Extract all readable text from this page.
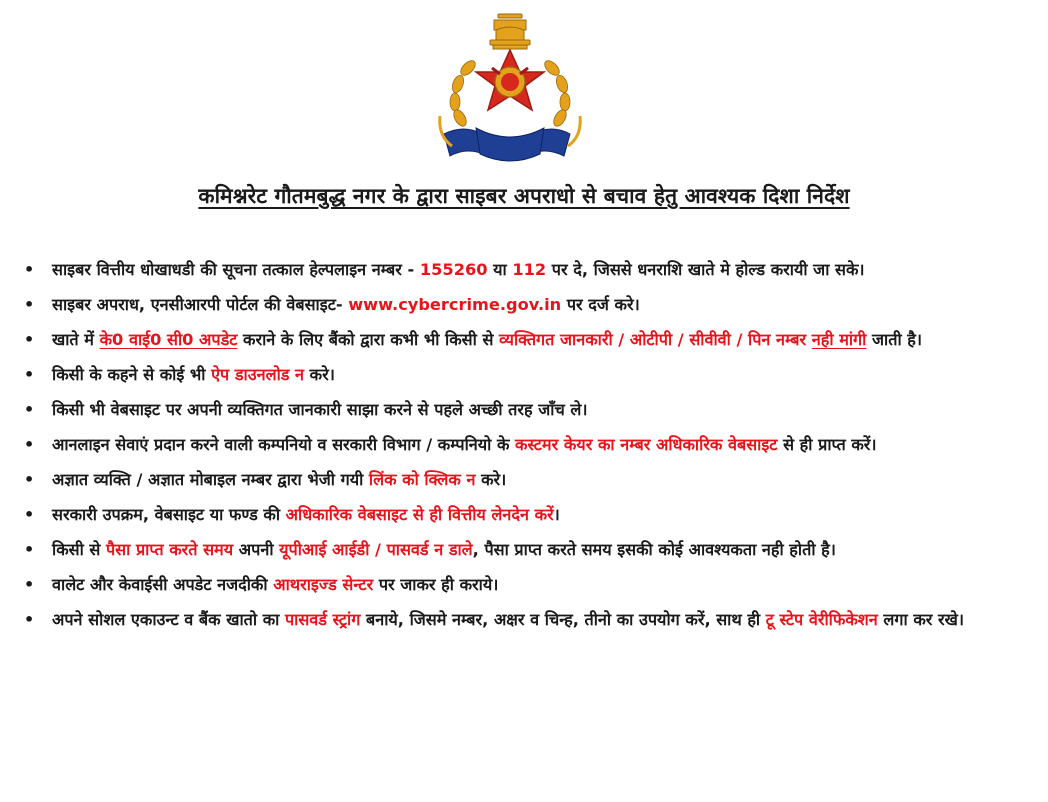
कमिश्नरेट गौतमबुद्ध नगर के द्वारा साइबर अपराधो से बचाव हेतु आवश्यक दिशा निर्देश
• साइबर वित्तीय धोखाधडी की सूचना तत्काल हेल्पलाइन नम्बर - 155260 या 112 पर दे, जिससे धनराशि खाते मे होल्ड करायी जा सके।
• साइबर अपराध, एनसीआरपी पोर्टल की वेबसाइट- www.cybercrime.gov.in पर दर्ज करे।
• खाते में के0 वाई0 सी0 अपडेट कराने के लिए बैंको द्वारा कभी भी किसी से व्यक्तिगत जानकारी / ओटीपी / सीवीवी / पिन नम्बर नही मांगी जाती है।
• किसी के कहने से कोई भी ऐप डाउनलोड न करे।
• किसी भी वेबसाइट पर अपनी व्यक्तिगत जानकारी साझा करने से पहले अच्छी तरह जाँच ले।
• आनलाइन सेवाएं प्रदान करने वाली कम्पनियो व सरकारी विभाग / कम्पनियो के कस्टमर केयर का नम्बर अधिकारिक वेबसाइट से ही प्राप्त करें।
• अज्ञात व्यक्ति / अज्ञात मोबाइल नम्बर द्वारा भेजी गयी लिंक को क्लिक न करे।
• सरकारी उपक्रम, वेबसाइट या फण्ड की अधिकारिक वेबसाइट से ही वित्तीय लेनदेन करें।
• किसी से पैसा प्राप्त करते समय अपनी यूपीआई आईडी / पासवर्ड न डाले, पैसा प्राप्त करते समय इसकी कोई आवश्यकता नही होती है।
• वालेट और केवाईसी अपडेट नजदीकी आथराइज्ड सेन्टर पर जाकर ही कराये।
• अपने सोशल एकाउन्ट व बैंक खातो का पासवर्ड स्ट्रांग बनाये, जिसमे नम्बर, अक्षर व चिन्ह, तीनो का उपयोग करें, साथ ही टू स्टेप वेरीफिकेशन लगा कर रखे।
